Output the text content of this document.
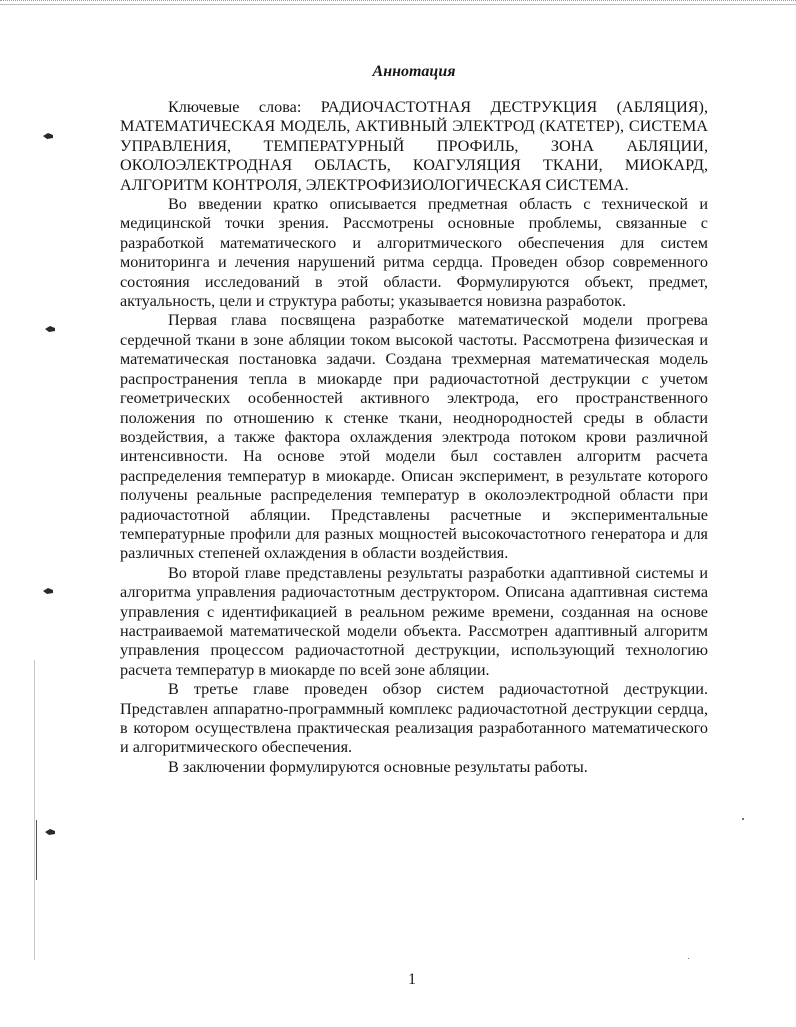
Аннотация

Ключевые слова: РАДИОЧАСТОТНАЯ ДЕСТРУКЦИЯ (АБЛЯЦИЯ), МАТЕМАТИЧЕСКАЯ МОДЕЛЬ, АКТИВНЫЙ ЭЛЕКТРОД (КАТЕТЕР), СИСТЕМА УПРАВЛЕНИЯ, ТЕМПЕРАТУРНЫЙ ПРОФИЛЬ, ЗОНА АБЛЯЦИИ, ОКОЛОЭЛЕКТРОДНАЯ ОБЛАСТЬ, КОАГУЛЯЦИЯ ТКАНИ, МИОКАРД, АЛГОРИТМ КОНТРОЛЯ, ЭЛЕКТРОФИЗИОЛОГИЧЕСКАЯ СИСТЕМА.

Во введении кратко описывается предметная область с технической и медицинской точки зрения. Рассмотрены основные проблемы, связанные с разработкой математического и алгоритмического обеспечения для систем мониторинга и лечения нарушений ритма сердца. Проведен обзор современного состояния исследований в этой области. Формулируются объект, предмет, актуальность, цели и структура работы; указывается новизна разработок.

Первая глава посвящена разработке математической модели прогрева сердечной ткани в зоне абляции током высокой частоты. Рассмотрена физическая и математическая постановка задачи. Создана трехмерная математическая модель распространения тепла в миокарде при радиочастотной деструкции с учетом геометрических особенностей активного электрода, его пространственного положения по отношению к стенке ткани, неоднородностей среды в области воздействия, а также фактора охлаждения электрода потоком крови различной интенсивности. На основе этой модели был составлен алгоритм расчета распределения температур в миокарде. Описан эксперимент, в результате которого получены реальные распределения температур в околоэлектродной области при радиочастотной абляции. Представлены расчетные и экспериментальные температурные профили для разных мощностей высокочастотного генератора и для различных степеней охлаждения в области воздействия.

Во второй главе представлены результаты разработки адаптивной системы и алгоритма управления радиочастотным деструктором. Описана адаптивная система управления с идентификацией в реальном режиме времени, созданная на основе настраиваемой математической модели объекта. Рассмотрен адаптивный алгоритм управления процессом радиочастотной деструкции, использующий технологию расчета температур в миокарде по всей зоне абляции.

В третье главе проведен обзор систем радиочастотной деструкции. Представлен аппаратно-программный комплекс радиочастотной деструкции сердца, в котором осуществлена практическая реализация разработанного математического и алгоритмического обеспечения.

В заключении формулируются основные результаты работы.

1
